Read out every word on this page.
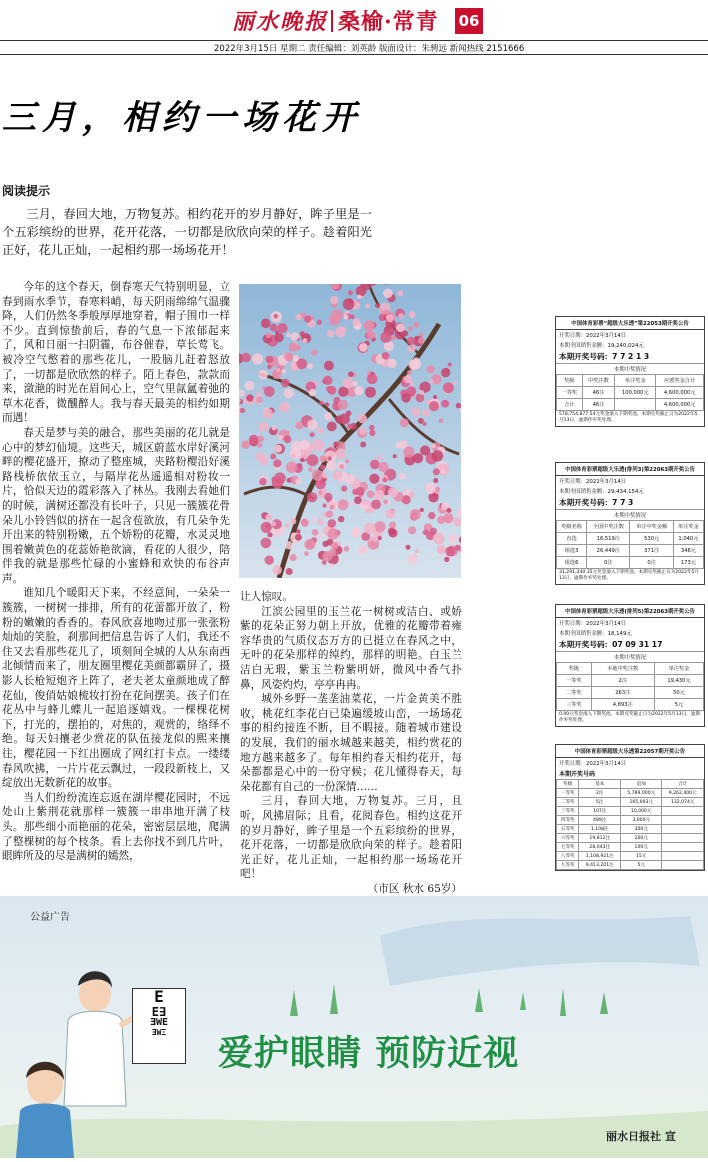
丽水晚报 桑榆·常青 06
2022年3月15日 星期二 责任编辑：刘英龄 版面设计：朱骋远 新闻热线 2151666
三月，相约一场花开
阅读提示

三月，春回大地，万物复苏。相约花开的岁月静好，眸子里是一个五彩缤纷的世界，花开花落，一切都是欣欣向荣的样子。趁着阳光正好，花儿正灿，一起相约那一场场花开！

今年的这个春天，倒春寒天气特别明显，立春到雨水季节，春寒料峭，每天阴雨绵绵气温骤降，人们仍然冬季般厚厚地穿着，帽子围巾一样不少。直到惊蛰前后，春的气息一下浓郁起来了，风和日丽一扫阴霾，布谷催春，草长莺飞。被冷空气憋着的那些花儿，一股脑儿赶着怒放了，一切都是欣欣然的样子。陌上春色，款款而来，潋滟的时光在眉间心上，空气里氤氲着弛的草木花香，微醺醉人。我与春天最美的相约如期而遇！

春天是梦与美的融合，那些美丽的花儿就是心中的梦幻仙境。这些天，城区蔚蓝水岸好溪河畔的樱花盛开，撩动了整座城，夹路粉樱沿好溪路栈桥依依玉立，与隔岸花丛遥遥相对粉妆一片，恰似天边的霞彩落入了林丛。我刚去看她们的时候，满树还都没有长叶子，只见一簇簇花骨朵儿小铃铛似的挤在一起含苞欲放，有几朵争先开出来的特别粉嫩，五个娇粉的花瓣，水灵灵地围着嫩黄色的花蕊娇艳欲滴，看花的人很少，陪伴我的就是那些忙碌的小蜜蜂和欢快的布谷声声。

谁知几个暖阳天下来，不经意间，一朵朵一簇簇，一树树一排排，所有的花蕾都开放了，粉粉的嫩嫩的香香的。春风欣喜地吻过那一张张粉灿灿的笑脸，刹那间把信息告诉了人们，我还不住又去看那些花儿了，顷刻间全城的人从东南西北倾情而来了，朋友圈里樱花美颜都霸屏了，摄影人长枪短炮齐上阵了，老夫老太童颜地成了醉花仙，俊俏姑娘梳妆打扮在花间摆美。孩子们在花丛中与蜂儿蝶儿一起追逐嬉戏。一棵棵花树下，打光的，摆拍的，对焦的，观赏的，络绎不绝。每天妇攘老少赏花的队伍接龙似的熙来攘往，樱花园一下红出圈成了网红打卡点。一缕缕春风吹拂，一片片花云飘过，一段段新枝上，又绽放出无数新花的故事。

当人们纷纷流连忘返在湖岸樱花园时，不远处山上紫荆花就那样一簇簇一串串地开满了枝头。那些细小而艳丽的花朵，密密层层地，爬满了整棵树的每个枝条。看上去你找不到几片叶，眼眸所及的尽是满树的嫣然，

让人惊叹。

江滨公园里的玉兰花一树树或洁白、或娇紫的花朵正努力朝上开放，优雅的花瓣带着雍容华贵的气质仪态万方的已挺立在春风之中，无叶的花朵那样的绰约，那样的明艳。白玉兰洁白无瑕，紫玉兰粉紫明妍，微风中香气扑鼻，风姿灼灼，亭亭冉冉。

城外乡野一垄垄油菜花，一片金黄美不胜收，桃花红李花白已染遍缓坡山峦，一场场花事的相约接连不断，目不暇接。随着城市建设的发展，我们的丽水城越来越美，相约赏花的地方越来越多了。每年相约春天相约花开，每朵都都是心中的一份守候；花儿懂得春天，每朵花都有自己的一份深情……

三月，春回大地，万物复苏。三月，且听，风拂眉际；且看，花阅春色。相约这花开的岁月静好，眸子里是一个五彩缤纷的世界，花开花落，一切都是欣欣向荣的样子。趁着阳光正好，花儿正灿，一起相约那一场场花开吧！

（市区 秋水 65岁）

中国体育彩票“超级大乐透”第22053期开奖公告
开奖日期：2022年3月14日
本期全国销售金额：19,240,024元
本期开奖号码：7 7 2 1 3
本期中奖情况
奖级	中奖注数	单注奖金	应派奖金合计
一等奖	46注	100,000元	4,600,000元
合计	46注		4,600,000元
578,754,877.54元奖金滚入下期奖池。本期兑奖截止日为2022年5月13日，逾期作弃奖处理。
中国体育彩票超级大乐透(排列3)第22063期开奖公告
开奖日期：2022年3月14日
本期全国销售金额：29,434,154元
本期开奖号码：7 7 3
本期中奖情况
奖级名称	全国中奖注数	单注中奖金额	单注奖金
直选	16,519注	530元	1,040元
组选3	26,449注	371注	346元
组选6	0注	0注	173元
31,291,340.35元奖金滚入下期奖池。本期兑奖截止日为2022年5月13日，逾期作弃奖处理。
中国体育彩票超级大乐透(排列5)第22063期开奖公告
开奖日期：2022年3月14日
本期全国销售金额：18,149元
本期开奖号码：07 09 31 17
本期中奖情况
奖级	本地中奖注数	单注奖金
一等奖	2注	19,430元
二等奖	263注	50元
三等奖	4,893注	5元
0.00元奖金滚入下期奖池。本期兑奖截止日为2022年5月13日，逾期作弃奖处理。
中国体育彩票超级大乐透第22057期开奖公告
开奖日期：2022年3月14日
本期开奖号码
奖级	基本	追加	合计
一等奖	2注	5,789,000元	9,262,400元
二等奖	5注	165,093元	132,074元
三等奖	107注	10,000元	
四等奖	489注	3,000元	
五等奖	1,108注	300元	
六等奖	19,812注	200元	
七等奖	28,043注	100元	
八等奖	1,108,921注	15元	
九等奖	9,413,201注	5元	
公益广告
E
E∃
ƎWE
ƎWΞ
爱护眼睛 预防近视
丽水日报社 宣
